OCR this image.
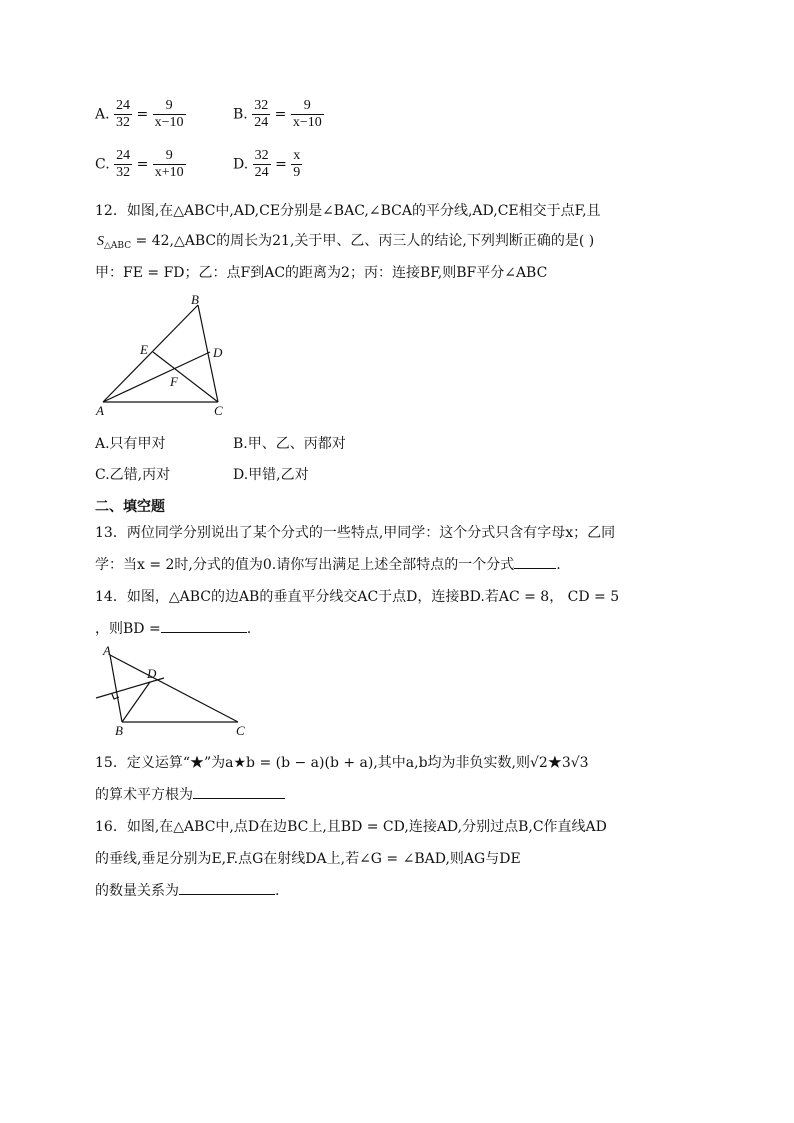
A. $\frac{24}{32} = \frac{9}{x-10}$	B. $\frac{32}{24} = \frac{9}{x-10}$
C. $\frac{24}{32} = \frac{9}{x+10}$	D. $\frac{32}{24} = \frac{x}{9}$
12．如图,在△ABC中,AD,CE分别是∠BAC,∠BCA的平分线,AD,CE相交于点F,且
$S_{\triangle ABC}$ = 42,△ABC的周长为21,关于甲、乙、丙三人的结论,下列判断正确的是( )
甲：FE = FD；乙：点F到AC的距离为2；丙：连接BF,则BF平分∠ABC
B
E	D
F
A	C
A.只有甲对	B.甲、乙、丙都对
C.乙错,丙对	D.甲错,乙对
二、填空题
13．两位同学分别说出了某个分式的一些特点,甲同学：这个分式只含有字母x；乙同
学：当x = 2时,分式的值为0.请你写出满足上述全部特点的一个分式	.
14．如图，△ABC的边AB的垂直平分线交AC于点D，连接BD.若AC = 8， CD = 5
，则BD =	.
A
D
B	C
15．定义运算“★”为a★b = (b − a)(b + a),其中a,b均为非负实数,则√2★3√3
的算术平方根为
16．如图,在△ABC中,点D在边BC上,且BD = CD,连接AD,分别过点B,C作直线AD
的垂线,垂足分别为E,F.点G在射线DA上,若∠G = ∠BAD,则AG与DE
的数量关系为	.
